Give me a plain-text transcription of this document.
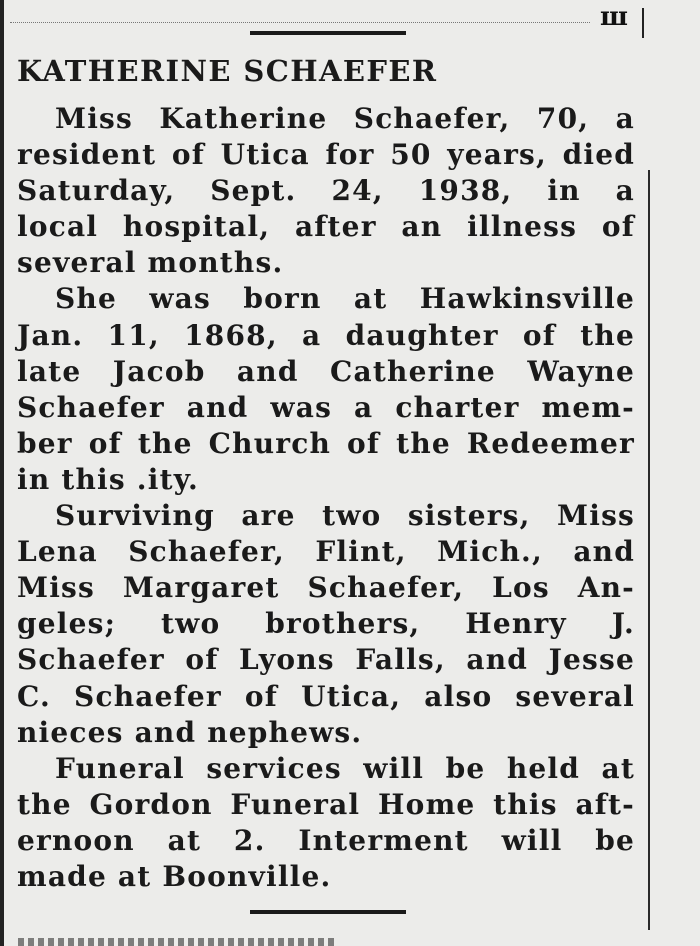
ш
KATHERINE SCHAEFER

Miss Katherine Schaefer, 70, a
resident of Utica for 50 years, died
Saturday, Sept. 24, 1938, in a
local hospital, after an illness of
several months.

She was born at Hawkinsville
Jan. 11, 1868, a daughter of the
late Jacob and Catherine Wayne
Schaefer and was a charter mem-
ber of the Church of the Redeemer
in this .ity.

Surviving are two sisters, Miss
Lena Schaefer, Flint, Mich., and
Miss Margaret Schaefer, Los An-
geles; two brothers, Henry J.
Schaefer of Lyons Falls, and Jesse
C. Schaefer of Utica, also several
nieces and nephews.

Funeral services will be held at
the Gordon Funeral Home this aft-
ernoon at 2. Interment will be
made at Boonville.
